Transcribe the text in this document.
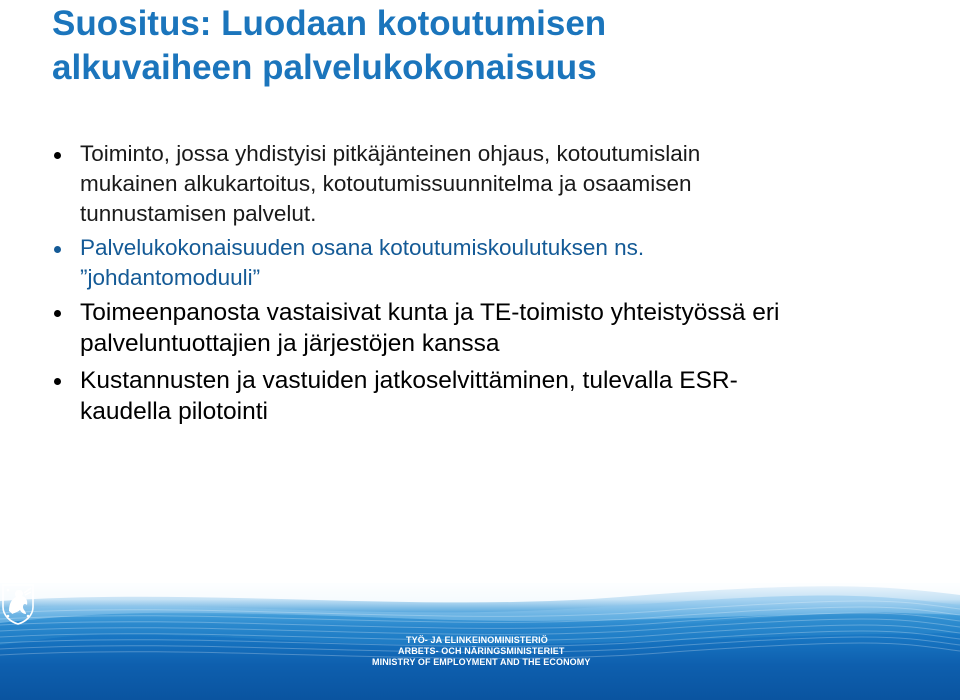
Suositus: Luodaan kotoutumisen
alkuvaiheen palvelukokonaisuus
Toiminto, jossa yhdistyisi pitkäjänteinen ohjaus, kotoutumislain
mukainen alkukartoitus, kotoutumissuunnitelma ja osaamisen
tunnustamisen palvelut.
Palvelukokonaisuuden osana kotoutumiskoulutuksen ns.
”johdantomoduuli”
Toimeenpanosta vastaisivat kunta ja TE-toimisto yhteistyössä eri
palveluntuottajien ja järjestöjen kanssa
Kustannusten ja vastuiden jatkoselvittäminen, tulevalla ESR-
kaudella pilotointi
TYÖ- JA ELINKEINOMINISTERIÖ
ARBETS- OCH NÄRINGSMINISTERIET
MINISTRY OF EMPLOYMENT AND THE ECONOMY
